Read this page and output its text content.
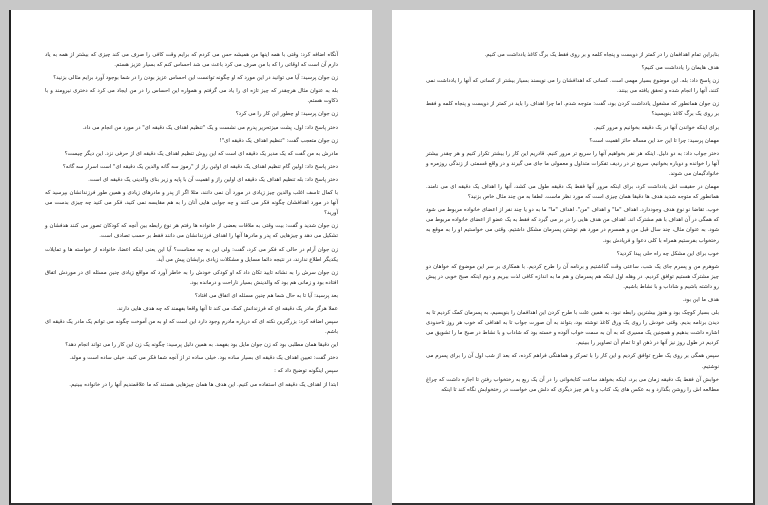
آنگاه اضافه کرد: وقتی با همه اینها من همیشه حس می کردم که برایم وقت کافی را صرف می کند چیزی که بیشتر از همه به یاد دارم آن است که اوقاتی را که با من صرف می کرد باعث می شد احساس کنم که بسیار عزیز هستم.

زن جوان پرسید: آیا می توانید در این مورد که او چگونه توانست این احساس عزیز بودن را در شما بوجود آورد برایم مثالی بزنید؟

بله به عنوان مثال هرچقدر که چیز تازه ای را یاد می گرفتم و همواره این احساس را در من ایجاد می کرد که دختری نیرومند و با ذکاوت هستم.

زن جوان پرسید: او چطور این کار را می کرد؟

دختر پاسخ داد: اول، پشت میزتحریر پدرم می نشست و یک "تنظیم اهداف یک دقیقه ای" در مورد من انجام می داد.

زن جوان متعجب گفت: "تنظیم اهداف یک دقیقه ای"!

مادرش به من گفت که یک مدیر یک دقیقه ای است که این روش تنظیم اهداف یک دقیقه ای از حرفی نزد. این دیگر چیست؟

دختر پاسخ داد: اولین گام تنظیم اهداف یک دقیقه ای اولین راز از "رموز سه گانه والدین یک دقیقه ای" است اسرار سه گانه؟

دختر پاسخ داد: بله تنظیم اهداف یک دقیقه ای اولین راز و اهمیت آن با پایه و زیر بنای والدینی یک دقیقه ای است.

با کمال تاسف اغلب والدین چیز زیادی در مورد آن نمی دانند، مثلا اگر از پدر و مادرهای زیادی و همین طور فرزندانشان بپرسید که آنها در مورد اهدافشان چگونه فکر می کنند و چه جوابی هایی آنان را به هم مقایسه نمی کنید، فکر می کنید چه چیزی بدست می آورید؟

زن جوان شدید و گفت: بیت وقتی به ملاقات بعضی از خانواده ها رفتم هر نوع رابطه بین آنچه که کودکان تصور می کنند هدفشان و تشکیل می دهد و چیزهایی که پدر و مادرها آنها را اهداف فرزندانشان می دانند فقط بر حسب تصادف است.

زن جوان آرام در حالی که فکر می کرد، گفت: ولی این به چه معناست؟ آیا این یعنی اینکه اعضا، خانواده از خواسته ها و تمایلات یکدیگر اطلاع ندارند، در نتیجه دائما مسایل و مشکلات زیادی برایشان پیش می آید.

زن جوان سرش را به نشانه تایید تکان داد که او کودکی خودش را به خاطر آورد که مواقع زیادی چنین مسئله ای در موردش اتفاق افتاده بود و زمانی هم بود که والدینش بسیار ناراحت و درمانده بود.

بعد پرسید: آیا تا به حال شما هم چنین مسئله ای اتفاق می افتاد؟

عملا هرگز مادر یک دقیقه ای که فرزندانش کمک می کند تا آنها واقعا بفهمند که چه هدف هایی دارند.

سپس اضافه کرد: بزرگترین نکته ای که درباره مادرم وجود دارد این است که او به من آموخت چگونه می توانم یک مادر یک دقیقه ای باشم.

این دقیقا همان مطلبی بود که زن جوان مایل بود بفهمد. به همین دلیل پرسید: چگونه یک زن این کار را می تواند انجام دهد؟

دختر گفت: تعیین اهداف یک دقیقه ای بسیار ساده بود. خیلی ساده تر از آنچه شما فکر می کنید. خیلی ساده است و مولد.

سپس اینگونه توضیح داد که :

ابتدا از اهداف یک دقیقه ای استفاده می کنیم. این هدف ها همان چیزهایی هستند که ما علاقمندیم آنها را در خانواده ببینیم.

بنابراین تمام اهدافمان را در کمتر از دویست و پنجاه کلمه و بر روی فقط یک برگ کاغذ یادداشت می کنیم.

هدف هایمان را یادداشت می کنیم؟

زن پاسخ داد: بله. این موضوع بسیار مهمی است. کسانی که اهدافشان را می نویسند بسیار بیشتر از کسانی که آنها را یادداشت نمی کنند، آنها را انجام شده و تحقق یافته می بینند.

زن جوان همانطور که مشغول یادداشت کردن بود، گفت: متوجه شدم. اما چرا اهداف را باید در کمتر از دویست و پنجاه کلمه و فقط بر روی یک برگ کاغذ بنویسید؟

برای اینکه خواندن آنها در یک دقیقه بخوانیم و مرور کنیم.

مهمان پرسید: چرا تا این حد این مساله حائز اهمیت است؟

دختر جواب داد: به دو دلیل. اینکه هر نفر بخواهیم آنها را سریع تر مرور کنیم. قادریم این کار را بیشتر تکرار کنیم و هر چقدر بیشتر آنها را خوانده و دوباره بخوانیم، سریع تر در ردیف تفکرات متداول و معمولی ما جای می گیرند و در واقع قسمتی از زندگی روزمره و خانوادگیمان می شوند.

مهمان در حقیقت اش یادداشت کرد، برای اینکه مرور آنها فقط یک دقیقه طول می کشد، آنها را اهداف یک دقیقه ای می نامند. همانطور که متوجه شدید هدف ها دقیقا همان چیزی است که مورد نظر ماست. لطفا به من چند مثال خاص بزنید؟

خوب. تقاضا نو نوع هدف وجوددارد. اهداف "ما" و اهداف "من". اهداف "ما" ما به دو یا چند نفر از اعضای خانواده مربوط می شود که همگی در آن اهداف با هم مشترک اند. اهداف من هدف هایی را در بر می گیرد که فقط به یک عضو از اعضای خانواده مربوط می شود. به عنوان مثال، چند سال قبل من و همسرم در مورد هم نوشتن پسرمان مشکل داشتیم. وقتی می خواستیم او را به موقع به رختخواب بفرستیم همراه با کلی دعوا و فریادش بود.

خوب برای این مشکل چه راه حلی پیدا کردید؟

شوهرم من و پسرم جای یک شب، ساعتی وقت گذاشتیم و برنامه آن را طرح کردیم. با همکاری بر سر این موضوع که خواهان دو چیز مشترک هستیم توافق کردیم. در وهله اول اینکه هم پسرمان و هم ما به اندازه کافی لذت ببریم و دوم اینکه صبح خوبی در پیش رو داشته باشیم و شاداب و با نشاط باشیم.

هدف ما این بود.

بلی بسیار کوچک بود و هنوز بیشترین رابطه نبود. به همین علت با طرح کردن این اهدافمان را بنویسیم، به پسرمان کمک کردیم تا به دیدن برنامه بدیم. وقتی خودش را روی یک ورق کاغذ نوشته بود، بتواند به آن صورت جواب تا به اهدافی که خوب هر روز تاحدودی اشاره داشت بدهیم و همچنین یک مسیری که به آن به سمت خواب آلوده و خسته بود که شاداب و با نشاط در صبح ما را تشویق می کردیم در طول روز نیز آنها در ذهن او تا تمام آن تصاویر را ببینیم.

سپس همگی بر روی یک طرح توافق کردیم و این کار را با تمرکز و هماهنگی فراهم کرده، که بعد از شب اول آن را برای پسرم می نوشتیم.

خوابش آن فقط یک دقیقه زمان می برد، اینکه بخواهد ساعت کتابخوانی را در آن یک ربع به رختخواب رفتن تا اجازه داشت که چراغ مطالعه اش را روشن بگذارد و به عکس های یک کتاب و یا هر چیز دیگری که دلش می خواست در رختخوابش نگاه کند تا اینکه
